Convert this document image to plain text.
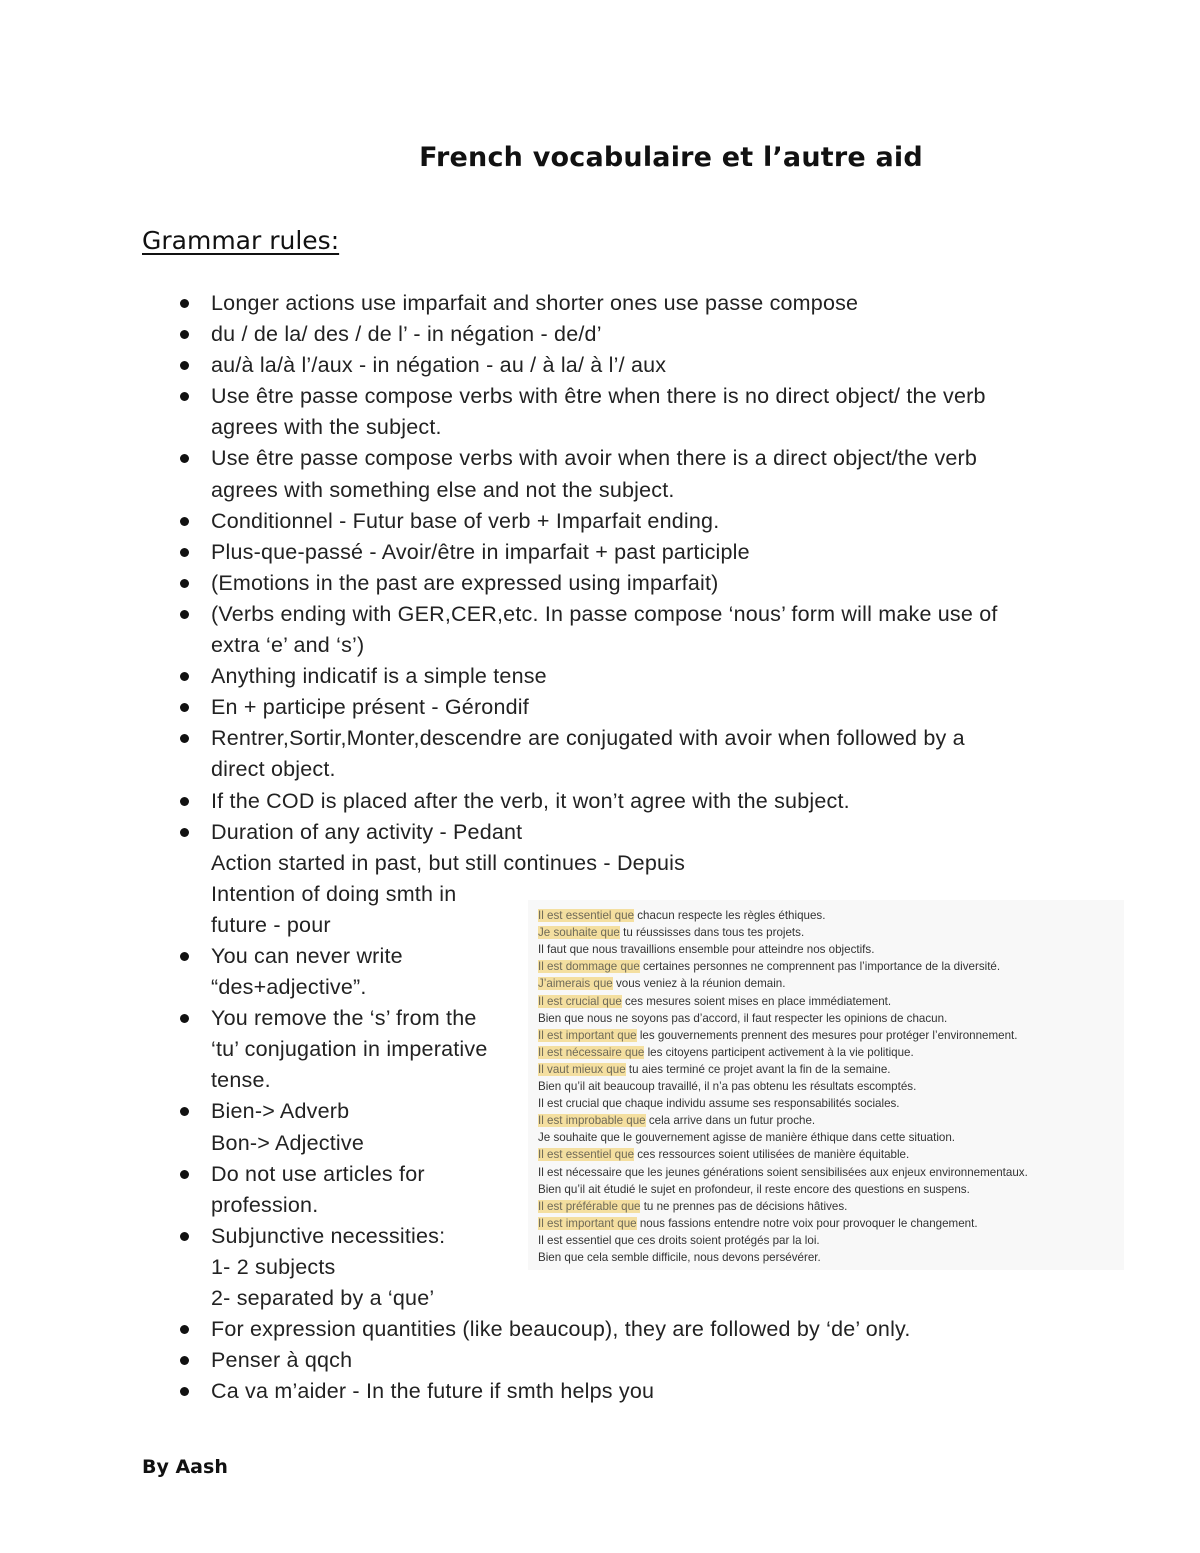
French vocabulaire et l’autre aid
Grammar rules:
Longer actions use imparfait and shorter ones use passe compose
du / de la/ des / de l’ - in négation - de/d’
au/à la/à l’/aux - in négation - au / à la/ à l’/ aux
Use être passe compose verbs with être when there is no direct object/ the verb
agrees with the subject.
Use être passe compose verbs with avoir when there is a direct object/the verb
agrees with something else and not the subject.
Conditionnel - Futur base of verb + Imparfait ending.
Plus-que-passé - Avoir/être in imparfait + past participle
(Emotions in the past are expressed using imparfait)
(Verbs ending with GER,CER,etc. In passe compose ‘nous’ form will make use of
extra ‘e’ and ‘s’)
Anything indicatif is a simple tense
En + participe présent - Gérondif
Rentrer,Sortir,Monter,descendre are conjugated with avoir when followed by a
direct object.
If the COD is placed after the verb, it won’t agree with the subject.
Duration of any activity - Pedant
Action started in past, but still continues - Depuis
Intention of doing smth in
future - pour
You can never write
“des+adjective”.
You remove the ‘s’ from the
‘tu’ conjugation in imperative
tense.
Bien-> Adverb
Bon-> Adjective
Do not use articles for
profession.
Subjunctive necessities:
1- 2 subjects
2- separated by a ‘que’
For expression quantities (like beaucoup), they are followed by ‘de’ only.
Penser à qqch
Ca va m’aider - In the future if smth helps you
Il est essentiel que chacun respecte les règles éthiques.
Je souhaite que tu réussisses dans tous tes projets.
Il faut que nous travaillions ensemble pour atteindre nos objectifs.
Il est dommage que certaines personnes ne comprennent pas l’importance de la diversité.
J’aimerais que vous veniez à la réunion demain.
Il est crucial que ces mesures soient mises en place immédiatement.
Bien que nous ne soyons pas d’accord, il faut respecter les opinions de chacun.
Il est important que les gouvernements prennent des mesures pour protéger l’environnement.
Il est nécessaire que les citoyens participent activement à la vie politique.
Il vaut mieux que tu aies terminé ce projet avant la fin de la semaine.
Bien qu’il ait beaucoup travaillé, il n’a pas obtenu les résultats escomptés.
Il est crucial que chaque individu assume ses responsabilités sociales.
Il est improbable que cela arrive dans un futur proche.
Je souhaite que le gouvernement agisse de manière éthique dans cette situation.
Il est essentiel que ces ressources soient utilisées de manière équitable.
Il est nécessaire que les jeunes générations soient sensibilisées aux enjeux environnementaux.
Bien qu’il ait étudié le sujet en profondeur, il reste encore des questions en suspens.
Il est préférable que tu ne prennes pas de décisions hâtives.
Il est important que nous fassions entendre notre voix pour provoquer le changement.
Il est essentiel que ces droits soient protégés par la loi.
Bien que cela semble difficile, nous devons persévérer.
By Aash
